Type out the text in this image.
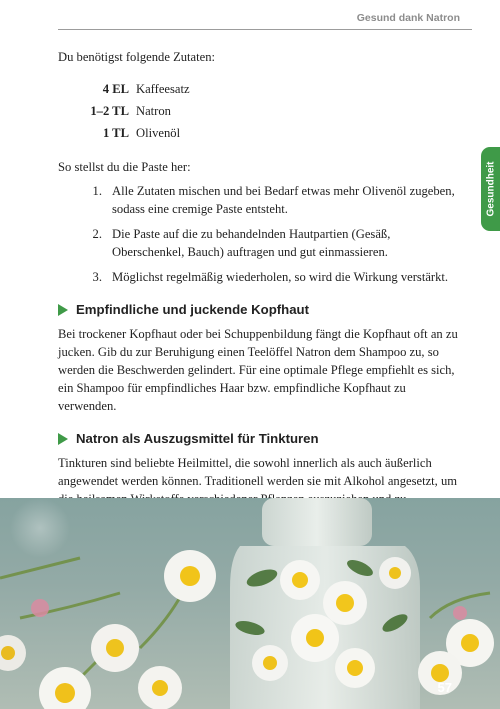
Gesund dank Natron
Gesundheit

Du benötigst folgende Zutaten:

4 EL Kaffeesatz
1–2 TL Natron
1 TL Olivenöl

So stellst du die Paste her:

1. Alle Zutaten mischen und bei Bedarf etwas mehr Olivenöl zugeben, sodass eine cremige Paste entsteht.
2. Die Paste auf die zu behandelnden Hautpartien (Gesäß, Oberschenkel, Bauch) auftragen und gut einmassieren.
3. Möglichst regelmäßig wiederholen, so wird die Wirkung verstärkt.
Empfindliche und juckende Kopfhaut

Bei trockener Kopfhaut oder bei Schuppenbildung fängt die Kopfhaut oft an zu jucken. Gib du zur Beruhigung einen Teelöffel Natron dem Shampoo zu, so werden die Beschwerden gelindert. Für eine optimale Pflege empfiehlt es sich, ein Shampoo für empfindliches Haar bzw. empfindliche Kopfhaut zu verwenden.

Natron als Auszugsmittel für Tinkturen

Tinkturen sind beliebte Heilmittel, die sowohl innerlich als auch äußerlich angewendet werden können. Traditionell werden sie mit Alkohol angesetzt, um

57
